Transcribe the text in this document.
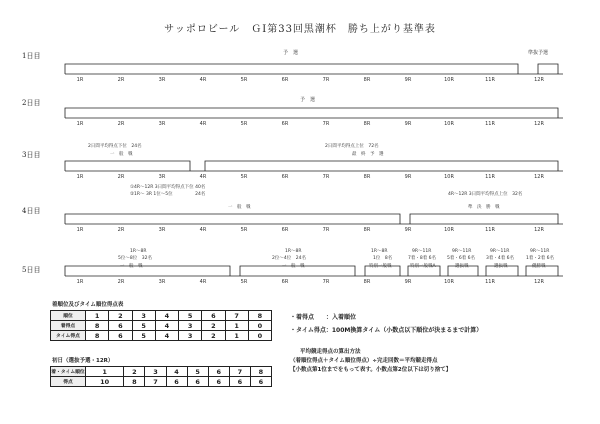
サッポロビール　ＧⅠ第33回黒潮杯　勝ち上がり基準表
1日目
2日目
3日目
4日目
5日目
1R	2R	3R	4R	5R	6R	7R	8R	9R	10R	11R	12R
1R	2R	3R	4R	5R	6R	7R	8R	9R	10R	11R	12R
1R	2R	3R	4R	5R	6R	7R	8R	9R	10R	11R	12R
1R	2R	3R	4R	5R	6R	7R	8R	9R	10R	11R	12R
1R	2R	3R	4R	5R	6R	7R	8R	9R	10R	11R	12R
予　選	準抜予選
予　選
2日間平均得点下位　24名
一　般　戦
2日間平均得点上位　72名
最　終　予　選
①4R～12R 3日間平均得点下位 40名
②1R～ 3R 1位～5位　　　　　24名
一　般　戦
4R～12R 3日間平均得点上位　32名
準　決　勝　戦
1R～8R
5位～8位　32名
一　般　戦
1R～8R
2位～4位　24名
一　般　戦
1R～8R
1位　8名
特別一般戦
9R～11R
7着・8着 6名
特別一般戦A
9R～11R
5着・6着 6名
選抜戦
9R～11R
3着・4着 6名
選抜戦
9R～11R
1着・2着 6名
優勝戦
着順位及びタイム順位得点表
順位	1	2	3	4	5	6	7	8
着得点	8	6	5	4	3	2	1	0
タイム得点	8	6	5	4	3	2	1	0
初日（選抜予選・12R）
着・タイム順位	1	2	3	4	5	6	7	8
得点	10	8	7	6	6	6	6	6
・着得点　　：入着順位
・タイム得点：100M換算タイム（小数点以下順位が決まるまで計算）
平均競走得点の算出方法
（着順位得点＋タイム順位得点）÷完走回数＝平均競走得点
【小数点第1位までをもって表す。小数点第2位以下は切り捨て】
